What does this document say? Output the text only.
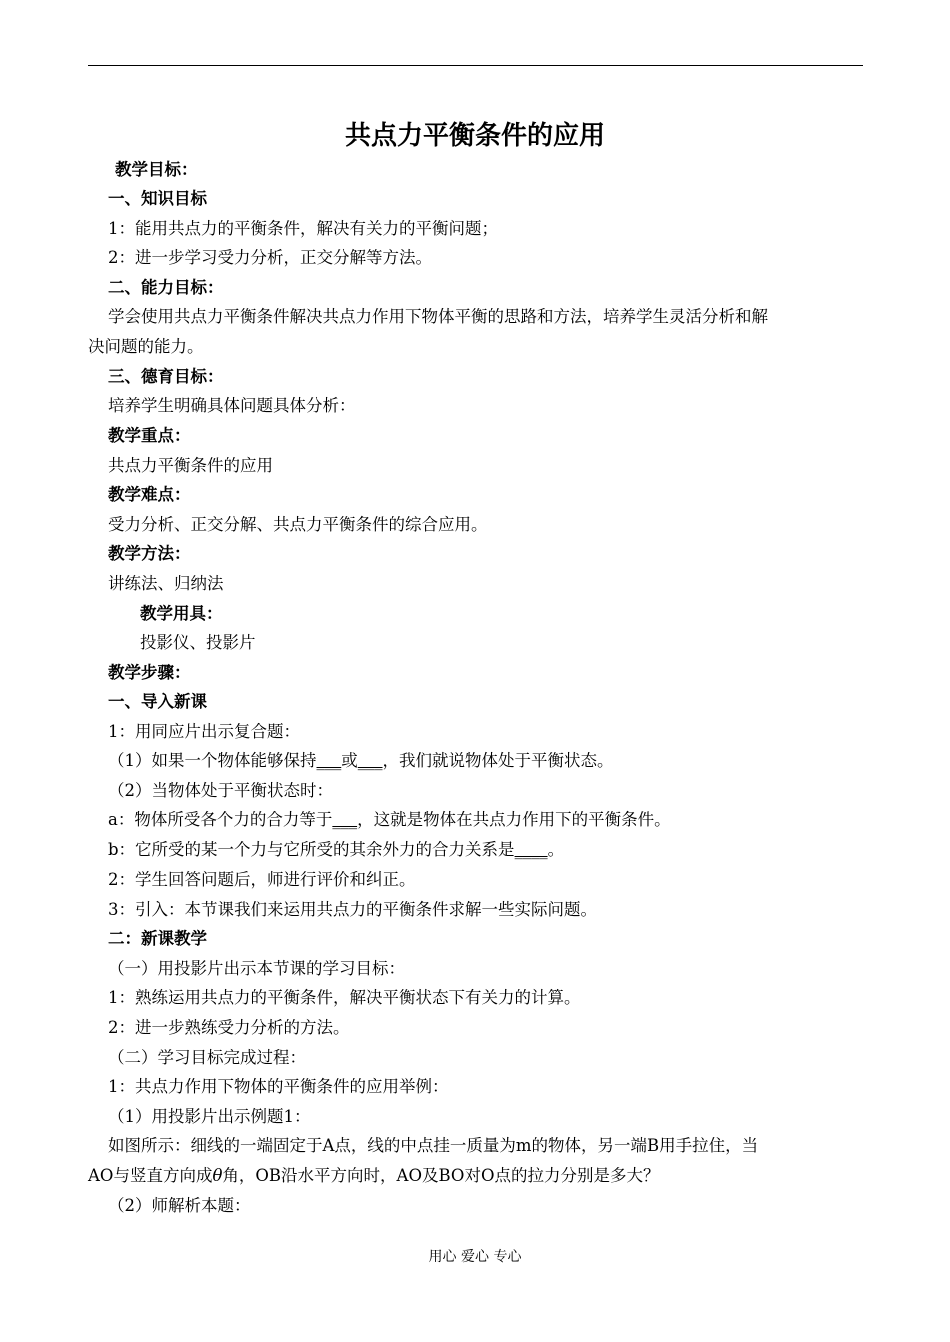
共点力平衡条件的应用
教学目标：
一、知识目标
1：能用共点力的平衡条件，解决有关力的平衡问题；
2：进一步学习受力分析，正交分解等方法。
二、能力目标：
学会使用共点力平衡条件解决共点力作用下物体平衡的思路和方法，培养学生灵活分析和解
决问题的能力。
三、德育目标：
培养学生明确具体问题具体分析：
教学重点：
共点力平衡条件的应用
教学难点：
受力分析、正交分解、共点力平衡条件的综合应用。
教学方法：
讲练法、归纳法
教学用具：
投影仪、投影片
教学步骤：
一、导入新课
1：用同应片出示复合题：
（1）如果一个物体能够保持___或___，我们就说物体处于平衡状态。
（2）当物体处于平衡状态时：
a：物体所受各个力的合力等于___，这就是物体在共点力作用下的平衡条件。
b：它所受的某一个力与它所受的其余外力的合力关系是____。
2：学生回答问题后，师进行评价和纠正。
3：引入：本节课我们来运用共点力的平衡条件求解一些实际问题。
二：新课教学
（一）用投影片出示本节课的学习目标：
1：熟练运用共点力的平衡条件，解决平衡状态下有关力的计算。
2：进一步熟练受力分析的方法。
（二）学习目标完成过程：
1：共点力作用下物体的平衡条件的应用举例：
（1）用投影片出示例题1：
如图所示：细线的一端固定于A点，线的中点挂一质量为m的物体，另一端B用手拉住，当
AO与竖直方向成θ角，OB沿水平方向时，AO及BO对O点的拉力分别是多大？
（2）师解析本题：
用心 爱心 专心
